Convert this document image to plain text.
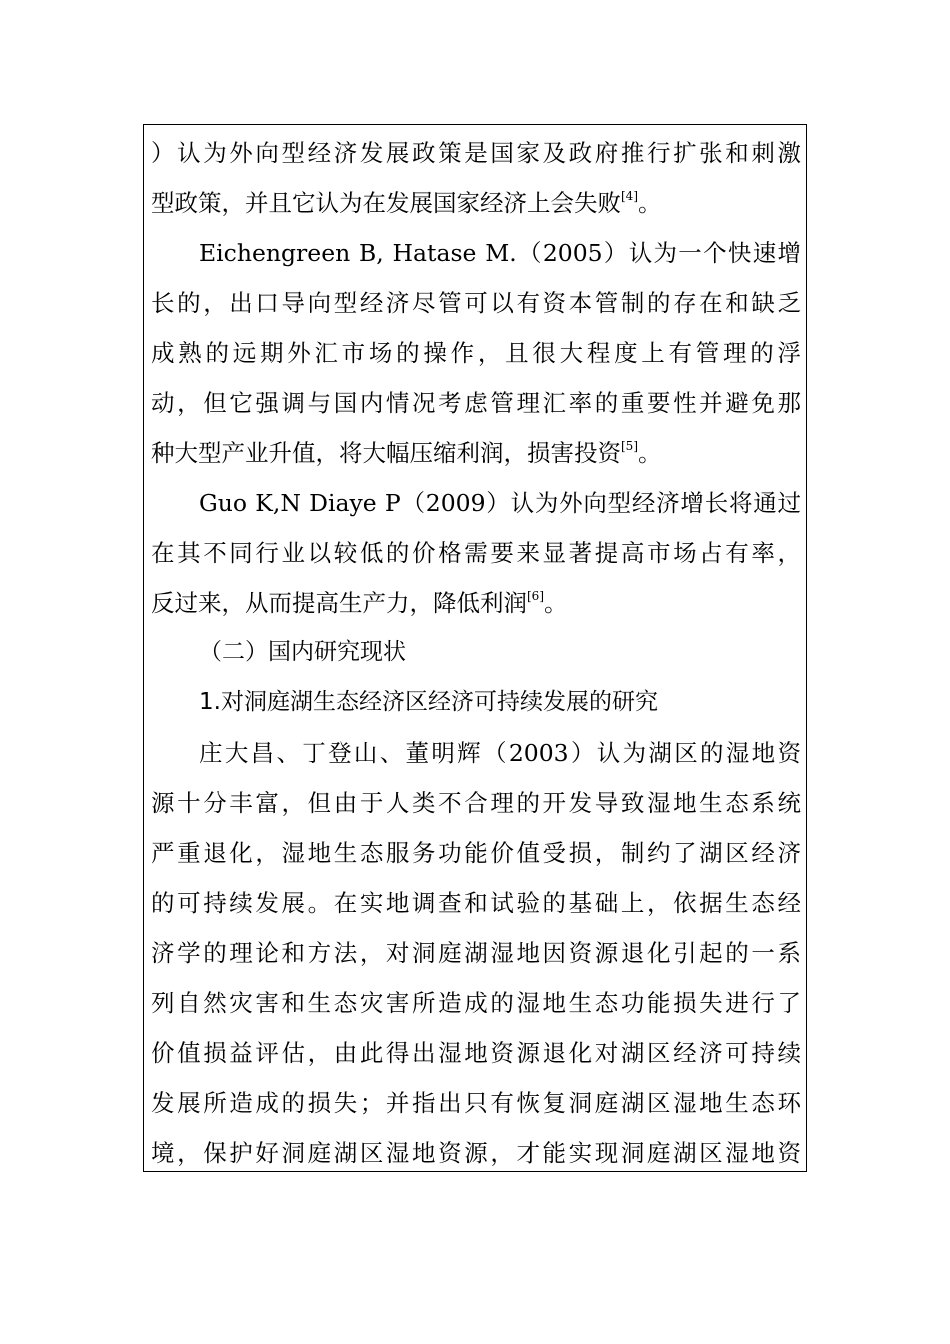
）认为外向型经济发展政策是国家及政府推行扩张和刺激
型政策，并且它认为在发展国家经济上会失败[4]。
Eichengreen B, Hatase M.（2005）认为一个快速增
长的，出口导向型经济尽管可以有资本管制的存在和缺乏
成熟的远期外汇市场的操作，且很大程度上有管理的浮
动，但它强调与国内情况考虑管理汇率的重要性并避免那
种大型产业升值，将大幅压缩利润，损害投资[5]。
Guo K,N Diaye P（2009）认为外向型经济增长将通过
在其不同行业以较低的价格需要来显著提高市场占有率，
反过来，从而提高生产力，降低利润[6]。
（二）国内研究现状
1.对洞庭湖生态经济区经济可持续发展的研究
庄大昌、丁登山、董明辉（2003）认为湖区的湿地资
源十分丰富，但由于人类不合理的开发导致湿地生态系统
严重退化，湿地生态服务功能价值受损，制约了湖区经济
的可持续发展。在实地调查和试验的基础上，依据生态经
济学的理论和方法，对洞庭湖湿地因资源退化引起的一系
列自然灾害和生态灾害所造成的湿地生态功能损失进行了
价值损益评估，由此得出湿地资源退化对湖区经济可持续
发展所造成的损失；并指出只有恢复洞庭湖区湿地生态环
境，保护好洞庭湖区湿地资源，才能实现洞庭湖区湿地资
